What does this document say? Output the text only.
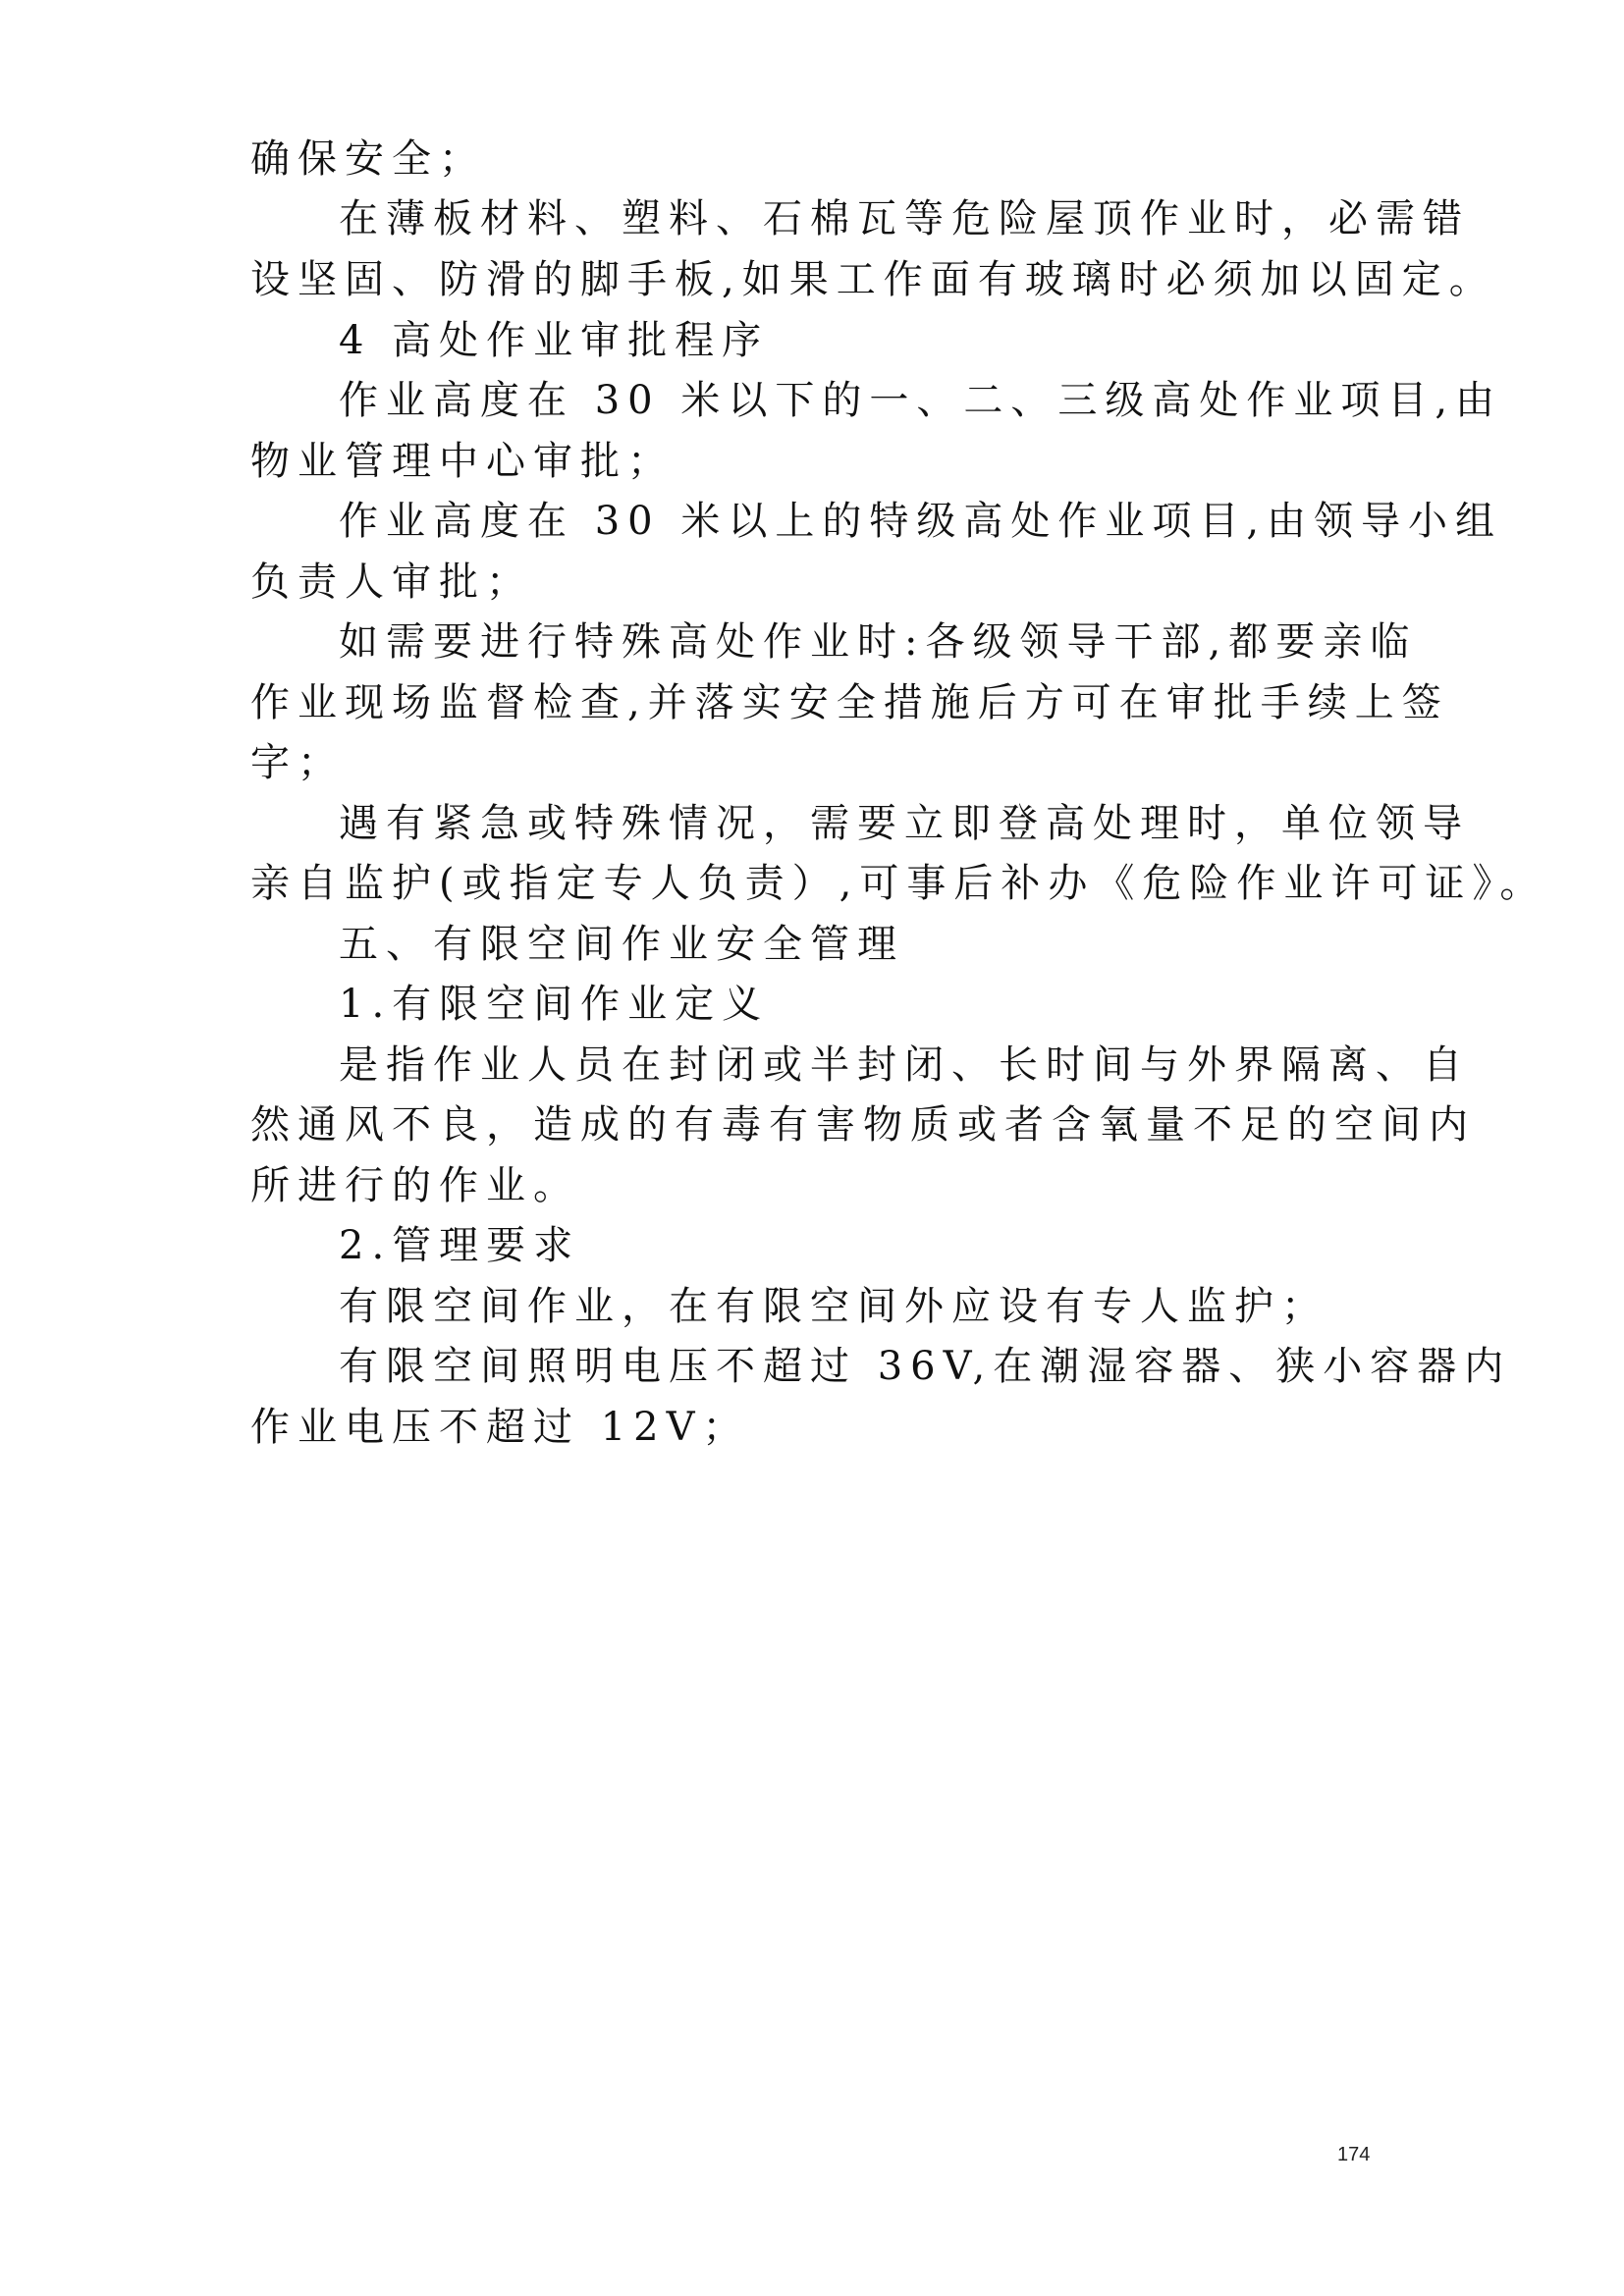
确保安全；
在薄板材料、塑料、石棉瓦等危险屋顶作业时，必需错
设坚固、防滑的脚手板,如果工作面有玻璃时必须加以固定。
4 高处作业审批程序
作业高度在 30 米以下的一、二、三级高处作业项目,由
物业管理中心审批；
作业高度在 30 米以上的特级高处作业项目,由领导小组
负责人审批；
如需要进行特殊高处作业时:各级领导干部,都要亲临
作业现场监督检查,并落实安全措施后方可在审批手续上签
字；
遇有紧急或特殊情况，需要立即登高处理时，单位领导
亲自监护(或指定专人负责）,可事后补办《危险作业许可证》。
五、有限空间作业安全管理
1.有限空间作业定义
是指作业人员在封闭或半封闭、长时间与外界隔离、自
然通风不良，造成的有毒有害物质或者含氧量不足的空间内
所进行的作业。
2.管理要求
有限空间作业，在有限空间外应设有专人监护；
有限空间照明电压不超过 36V,在潮湿容器、狭小容器内
作业电压不超过 12V；
174
